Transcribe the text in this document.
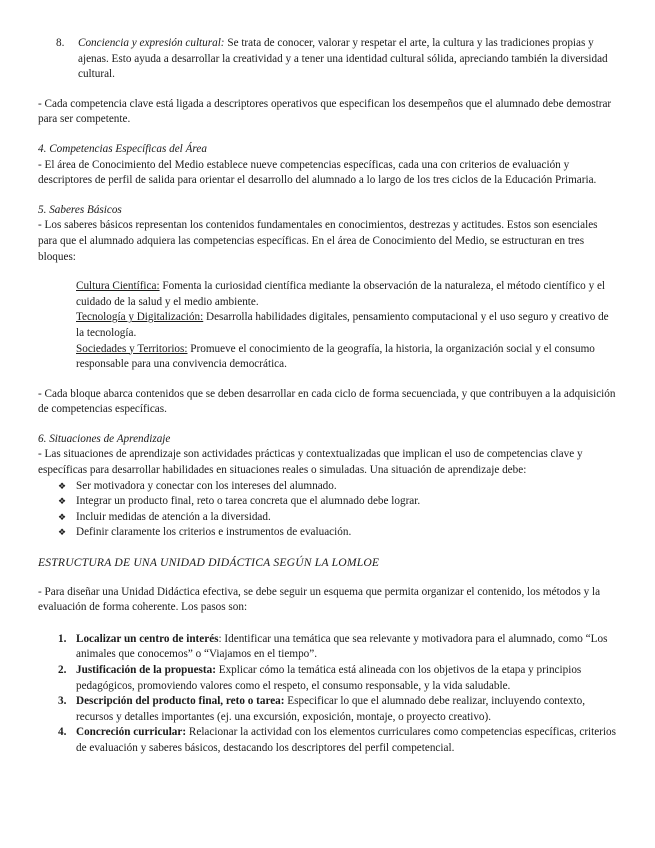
8. Conciencia y expresión cultural: Se trata de conocer, valorar y respetar el arte, la cultura y las tradiciones propias y ajenas. Esto ayuda a desarrollar la creatividad y a tener una identidad cultural sólida, apreciando también la diversidad cultural.

- Cada competencia clave está ligada a descriptores operativos que especifican los desempeños que el alumnado debe demostrar para ser competente.

4. Competencias Específicas del Área

- El área de Conocimiento del Medio establece nueve competencias específicas, cada una con criterios de evaluación y descriptores de perfil de salida para orientar el desarrollo del alumnado a lo largo de los tres ciclos de la Educación Primaria.

5. Saberes Básicos

- Los saberes básicos representan los contenidos fundamentales en conocimientos, destrezas y actitudes. Estos son esenciales para que el alumnado adquiera las competencias específicas. En el área de Conocimiento del Medio, se estructuran en tres bloques:

Cultura Científica: Fomenta la curiosidad científica mediante la observación de la naturaleza, el método científico y el cuidado de la salud y el medio ambiente.

Tecnología y Digitalización: Desarrolla habilidades digitales, pensamiento computacional y el uso seguro y creativo de la tecnología.

Sociedades y Territorios: Promueve el conocimiento de la geografía, la historia, la organización social y el consumo responsable para una convivencia democrática.

- Cada bloque abarca contenidos que se deben desarrollar en cada ciclo de forma secuenciada, y que contribuyen a la adquisición de competencias específicas.

6. Situaciones de Aprendizaje

- Las situaciones de aprendizaje son actividades prácticas y contextualizadas que implican el uso de competencias clave y específicas para desarrollar habilidades en situaciones reales o simuladas. Una situación de aprendizaje debe:

❖ Ser motivadora y conectar con los intereses del alumnado.

❖ Integrar un producto final, reto o tarea concreta que el alumnado debe lograr.

❖ Incluir medidas de atención a la diversidad.

❖ Definir claramente los criterios e instrumentos de evaluación.

ESTRUCTURA DE UNA UNIDAD DIDÁCTICA SEGÚN LA LOMLOE

- Para diseñar una Unidad Didáctica efectiva, se debe seguir un esquema que permita organizar el contenido, los métodos y la evaluación de forma coherente. Los pasos son:

1. Localizar un centro de interés: Identificar una temática que sea relevante y motivadora para el alumnado, como “Los animales que conocemos” o “Viajamos en el tiempo”.

2. Justificación de la propuesta: Explicar cómo la temática está alineada con los objetivos de la etapa y principios pedagógicos, promoviendo valores como el respeto, el consumo responsable, y la vida saludable.

3. Descripción del producto final, reto o tarea: Especificar lo que el alumnado debe realizar, incluyendo contexto, recursos y detalles importantes (ej. una excursión, exposición, montaje, o proyecto creativo).

4. Concreción curricular: Relacionar la actividad con los elementos curriculares como competencias específicas, criterios de evaluación y saberes básicos, destacando los descriptores del perfil competencial.
